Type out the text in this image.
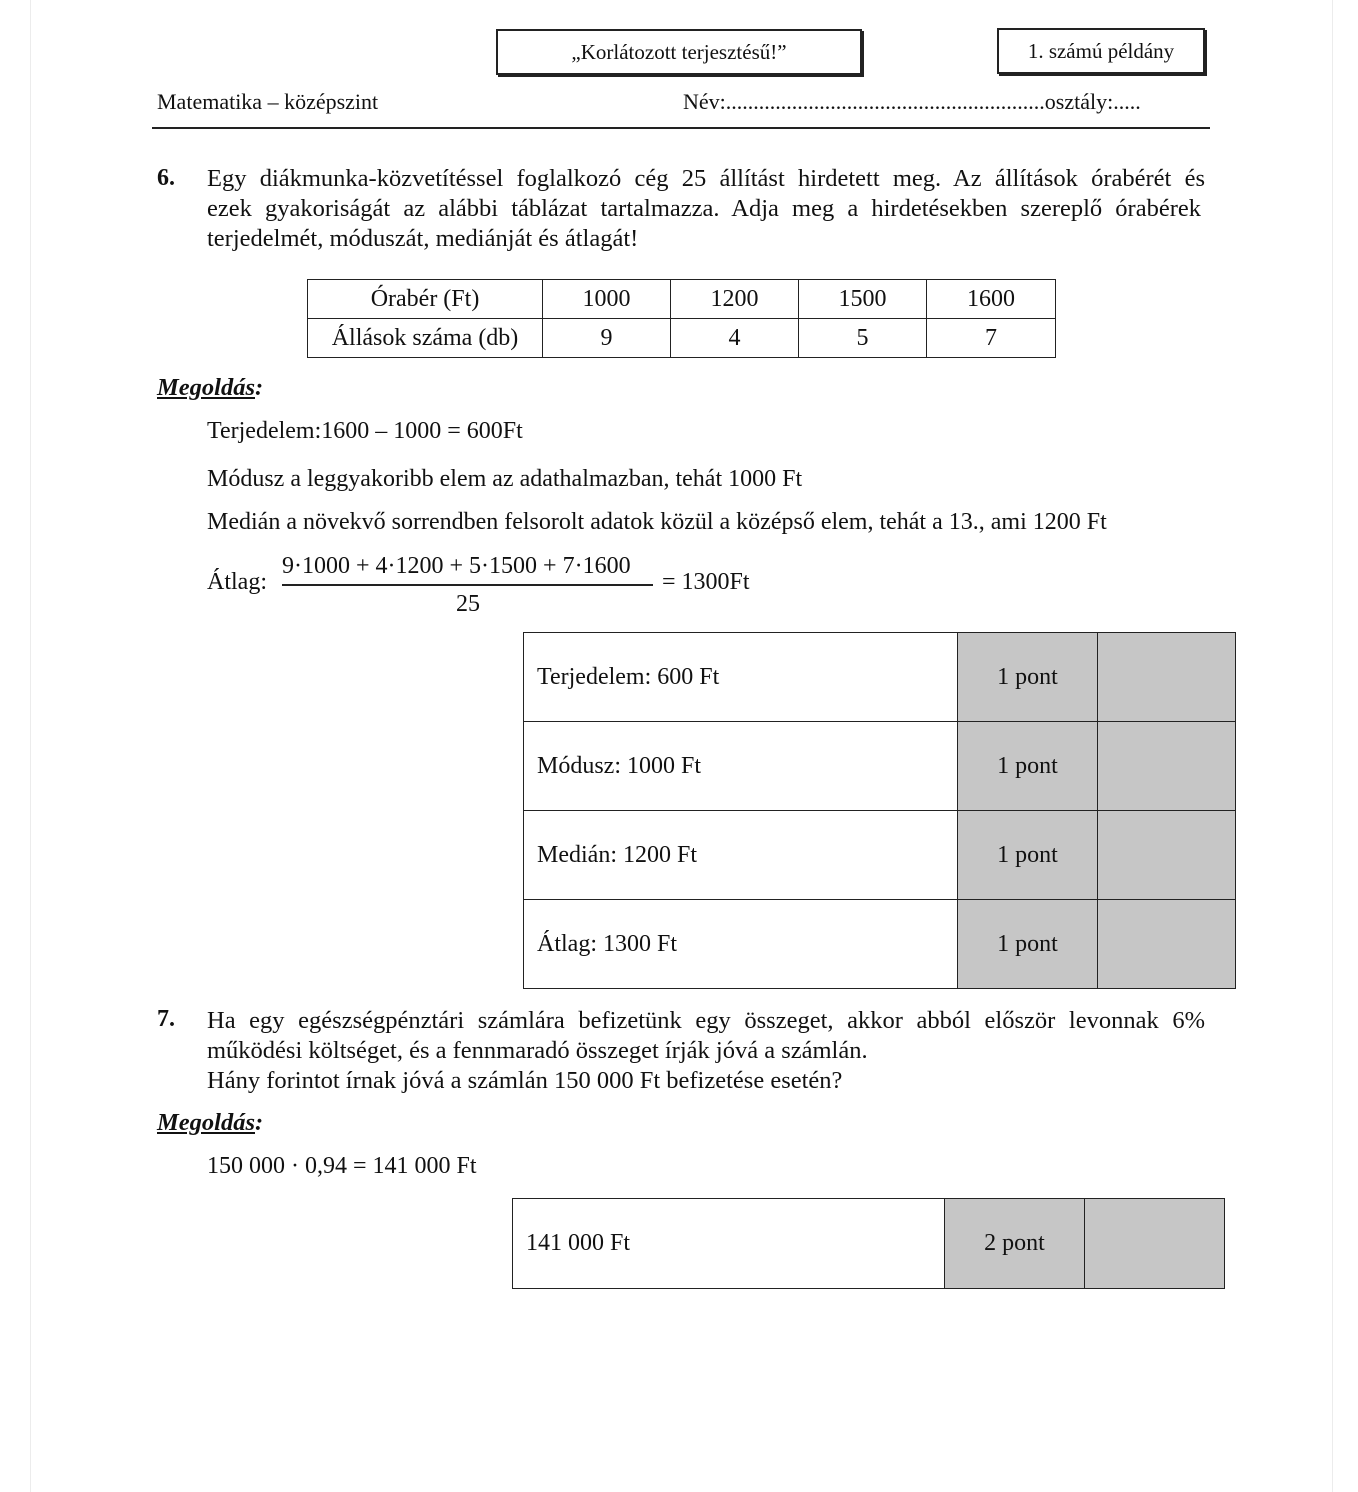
„Korlátozott terjesztésű!”	1. számú példány
Matematika – középszint	Név:..........................................................osztály:.....
6. Egy diákmunka-közvetítéssel foglalkozó cég 25 állítást hirdetett meg. Az állítások órabérét és
ezek gyakoriságát az alábbi táblázat tartalmazza. Adja meg a hirdetésekben szereplő órabérek
terjedelmét, móduszát, mediánját és átlagát!
Órabér (Ft)	1000	1200	1500	1600
Állások száma (db)	9	4	5	7
Megoldás:
Terjedelem:1600 – 1000 = 600Ft
Módusz a leggyakoribb elem az adathalmazban, tehát 1000 Ft
Medián a növekvő sorrendben felsorolt adatok közül a középső elem, tehát a 13., ami 1200 Ft
Átlag:
9·1000 + 4·1200 + 5·1500 + 7·1600
25
= 1300Ft
Terjedelem: 600 Ft	1 pont	
Módusz: 1000 Ft	1 pont	
Medián: 1200 Ft	1 pont	
Átlag: 1300 Ft	1 pont	
7. Ha egy egészségpénztári számlára befizetünk egy összeget, akkor abból először levonnak 6%
működési költséget, és a fennmaradó összeget írják jóvá a számlán.
Hány forintot írnak jóvá a számlán 150 000 Ft befizetése esetén?
Megoldás:
150 000 · 0,94 = 141 000 Ft
141 000 Ft	2 pont	
